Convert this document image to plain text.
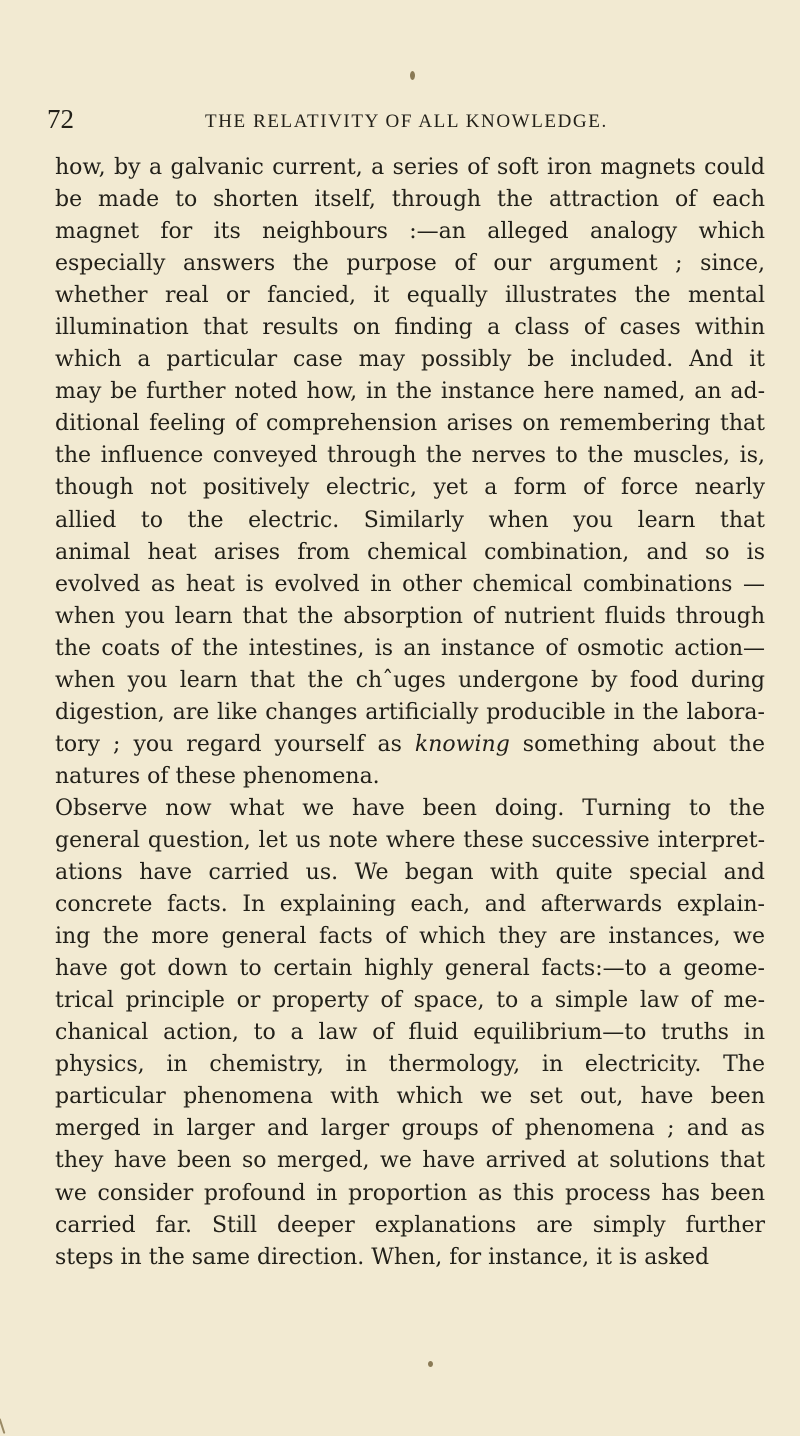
72	THE RELATIVITY OF ALL KNOWLEDGE.
how, by a galvanic current, a series of soft iron magnets could
be made to shorten itself, through the attraction of each
magnet for its neighbours :—an alleged analogy which
especially answers the purpose of our argument ; since,
whether real or fancied, it equally illustrates the mental
illumination that results on finding a class of cases within
which a particular case may possibly be included. And it
may be further noted how, in the instance here named, an ad-
ditional feeling of comprehension arises on remembering that
the influence conveyed through the nerves to the muscles, is,
though not positively electric, yet a form of force nearly
allied to the electric. Similarly when you learn that
animal heat arises from chemical combination, and so is
evolved as heat is evolved in other chemical combinations —
when you learn that the absorption of nutrient fluids through
the coats of the intestines, is an instance of osmotic action—
when you learn that the chˆuges undergone by food during
digestion, are like changes artificially producible in the labora-
tory ; you regard yourself as knowing something about the
natures of these phenomena.
Observe now what we have been doing. Turning to the
general question, let us note where these successive interpret-
ations have carried us. We began with quite special and
concrete facts. In explaining each, and afterwards explain-
ing the more general facts of which they are instances, we
have got down to certain highly general facts:—to a geome-
trical principle or property of space, to a simple law of me-
chanical action, to a law of fluid equilibrium—to truths in
physics, in chemistry, in thermology, in electricity. The
particular phenomena with which we set out, have been
merged in larger and larger groups of phenomena ; and as
they have been so merged, we have arrived at solutions that
we consider profound in proportion as this process has been
carried far. Still deeper explanations are simply further
steps in the same direction. When, for instance, it is asked
